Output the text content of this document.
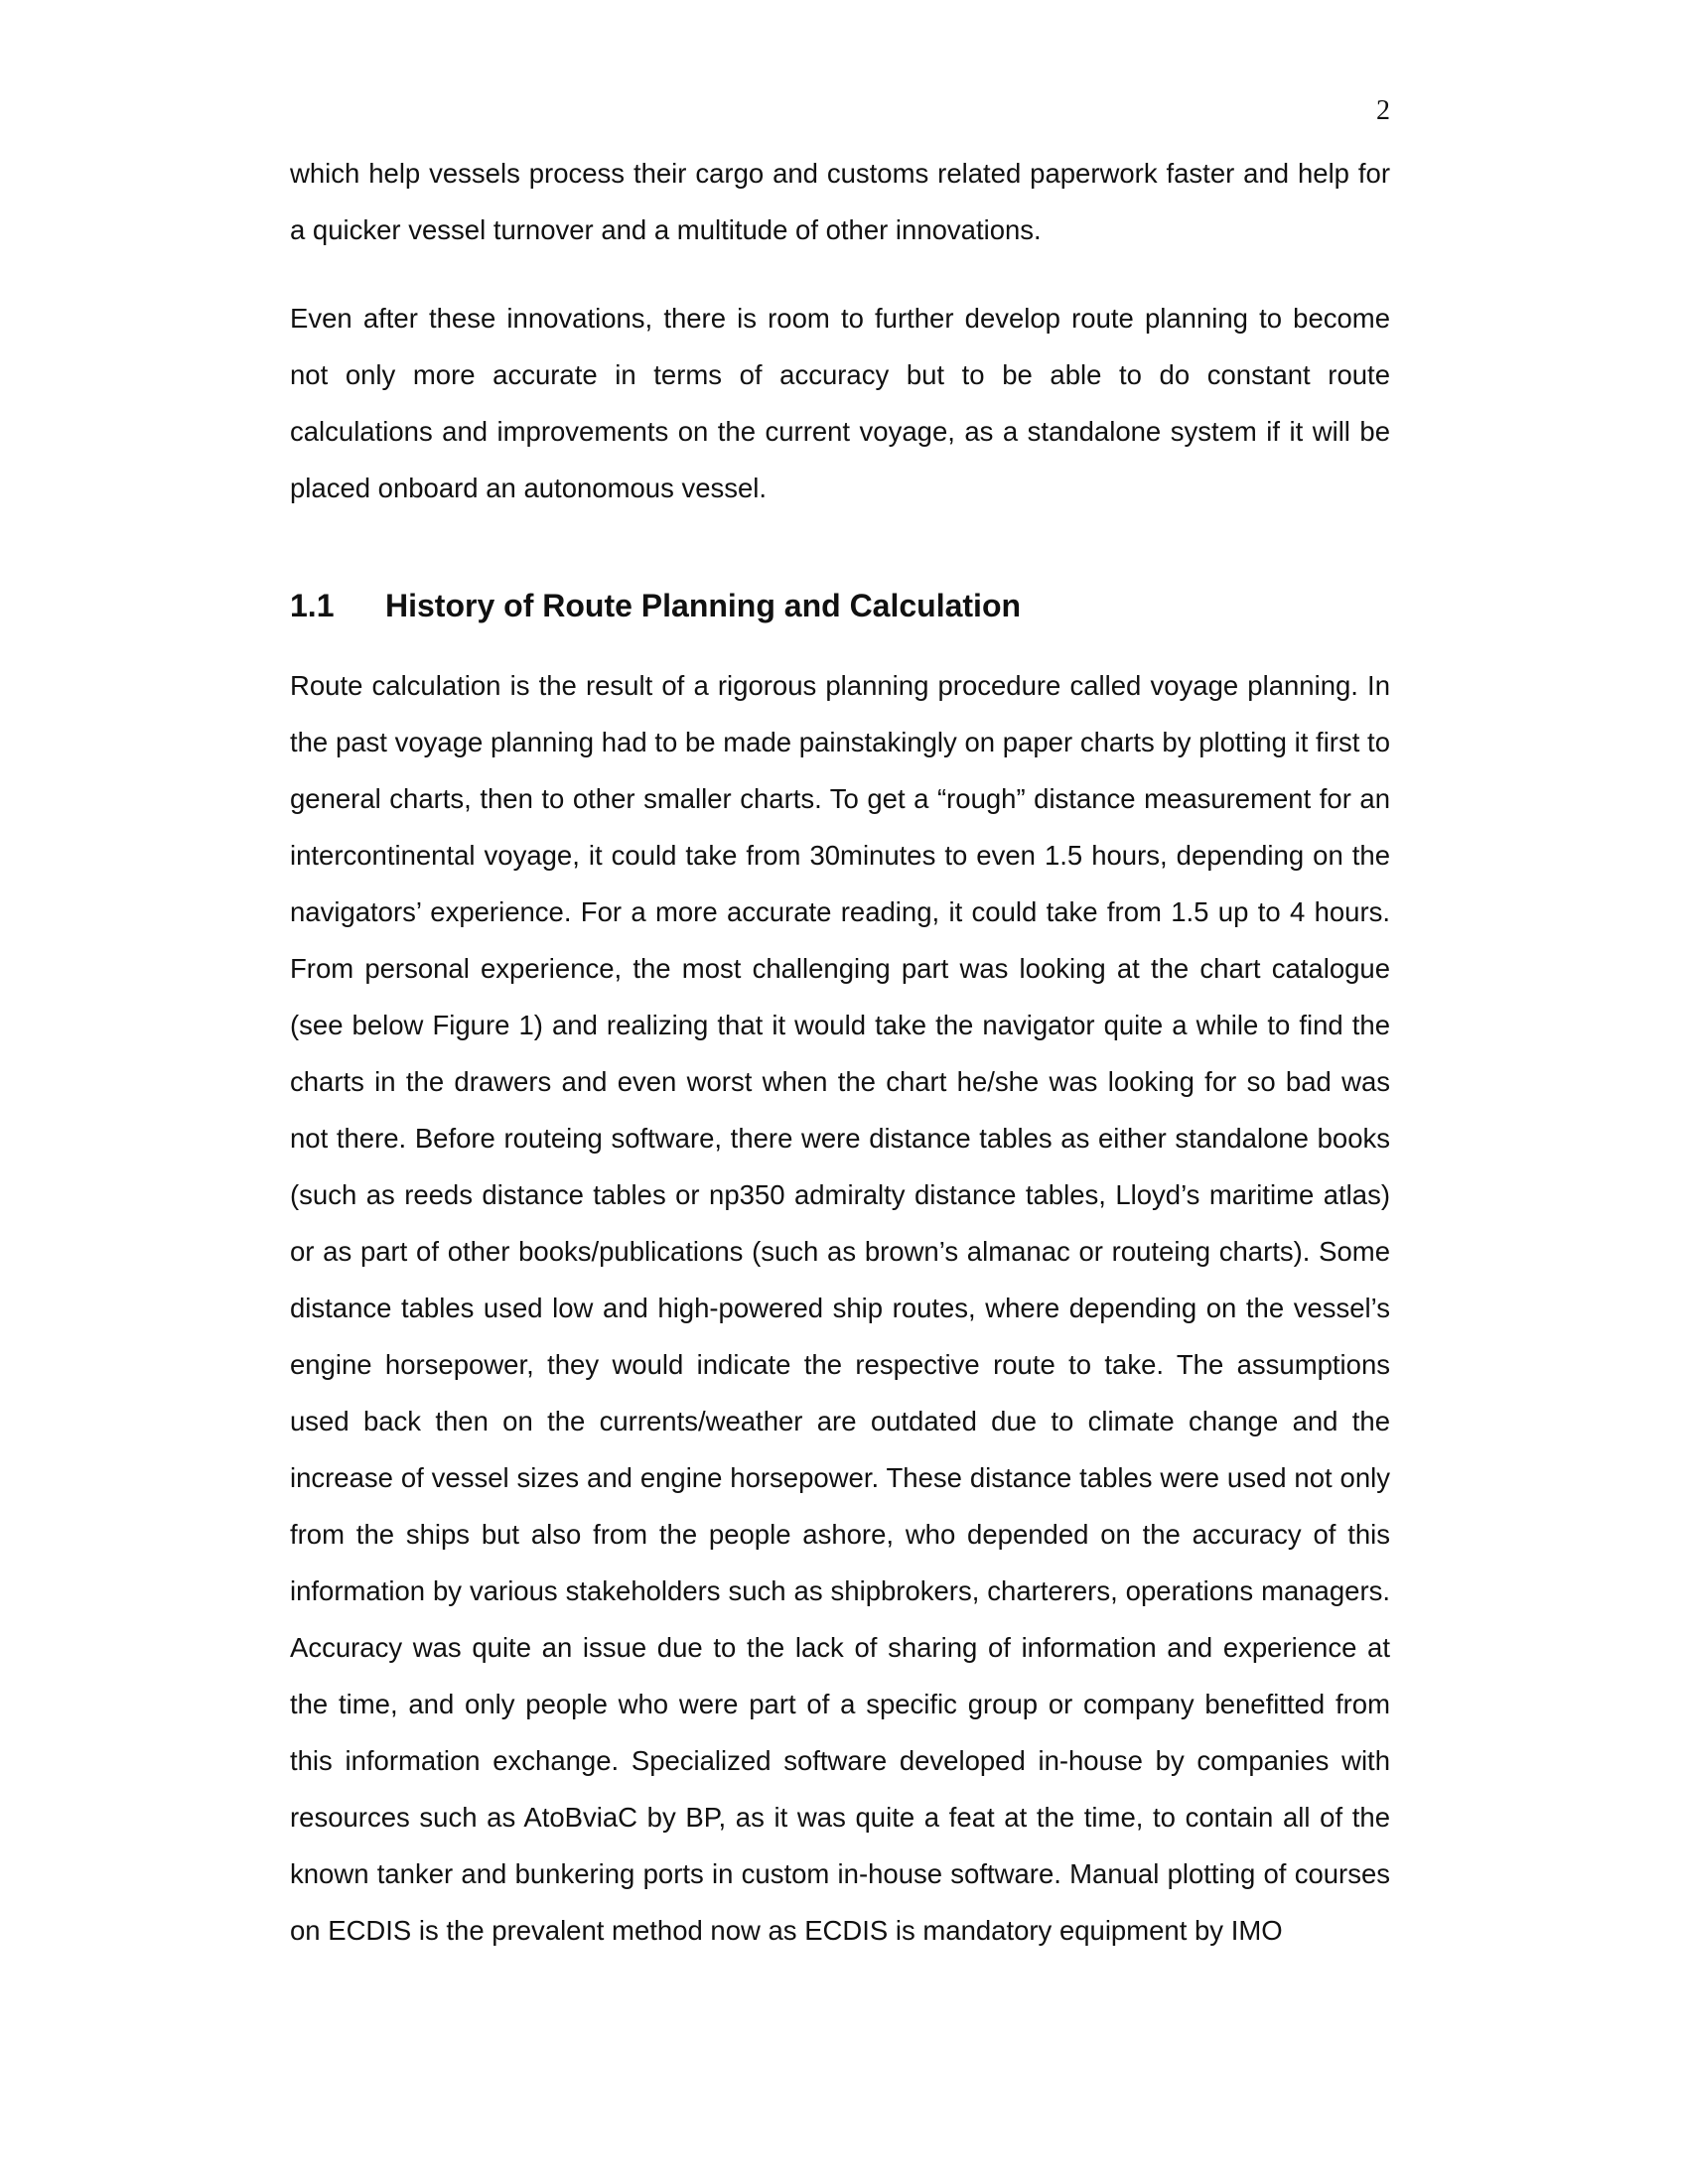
2

which help vessels process their cargo and customs related paperwork faster and help for a quicker vessel turnover and a multitude of other innovations.

Even after these innovations, there is room to further develop route planning to become not only more accurate in terms of accuracy but to be able to do constant route calculations and improvements on the current voyage, as a standalone system if it will be placed onboard an autonomous vessel.

1.1	History of Route Planning and Calculation

Route calculation is the result of a rigorous planning procedure called voyage planning. In the past voyage planning had to be made painstakingly on paper charts by plotting it first to general charts, then to other smaller charts. To get a “rough” distance measurement for an intercontinental voyage, it could take from 30minutes to even 1.5 hours, depending on the navigators’ experience. For a more accurate reading, it could take from 1.5 up to 4 hours. From personal experience, the most challenging part was looking at the chart catalogue (see below Figure 1) and realizing that it would take the navigator quite a while to find the charts in the drawers and even worst when the chart he/she was looking for so bad was not there. Before routeing software, there were distance tables as either standalone books (such as reeds distance tables or np350 admiralty distance tables, Lloyd’s maritime atlas) or as part of other books/publications (such as brown’s almanac or routeing charts). Some distance tables used low and high-powered ship routes, where depending on the vessel’s engine horsepower, they would indicate the respective route to take. The assumptions used back then on the currents/weather are outdated due to climate change and the increase of vessel sizes and engine horsepower. These distance tables were used not only from the ships but also from the people ashore, who depended on the accuracy of this information by various stakeholders such as shipbrokers, charterers, operations managers. Accuracy was quite an issue due to the lack of sharing of information and experience at the time, and only people who were part of a specific group or company benefitted from this information exchange. Specialized software developed in-house by companies with resources such as AtoBviaC by BP, as it was quite a feat at the time, to contain all of the known tanker and bunkering ports in custom in-house software. Manual plotting of courses on ECDIS is the prevalent method now as ECDIS is mandatory equipment by IMO
